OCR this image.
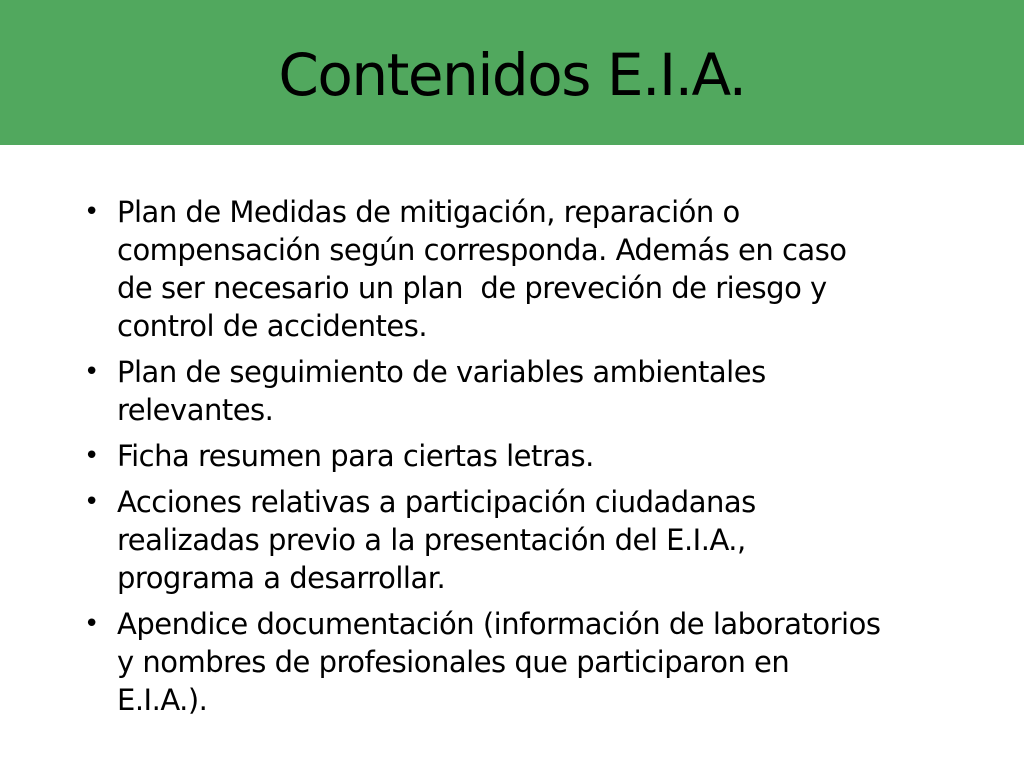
Contenidos E.I.A.
• Plan de Medidas de mitigación, reparación o
compensación según corresponda. Además en caso
de ser necesario un plan  de preveción de riesgo y
control de accidentes.
• Plan de seguimiento de variables ambientales
relevantes.
• Ficha resumen para ciertas letras.
• Acciones relativas a participación ciudadanas
realizadas previo a la presentación del E.I.A.,
programa a desarrollar.
• Apendice documentación (información de laboratorios
y nombres de profesionales que participaron en
E.I.A.).
